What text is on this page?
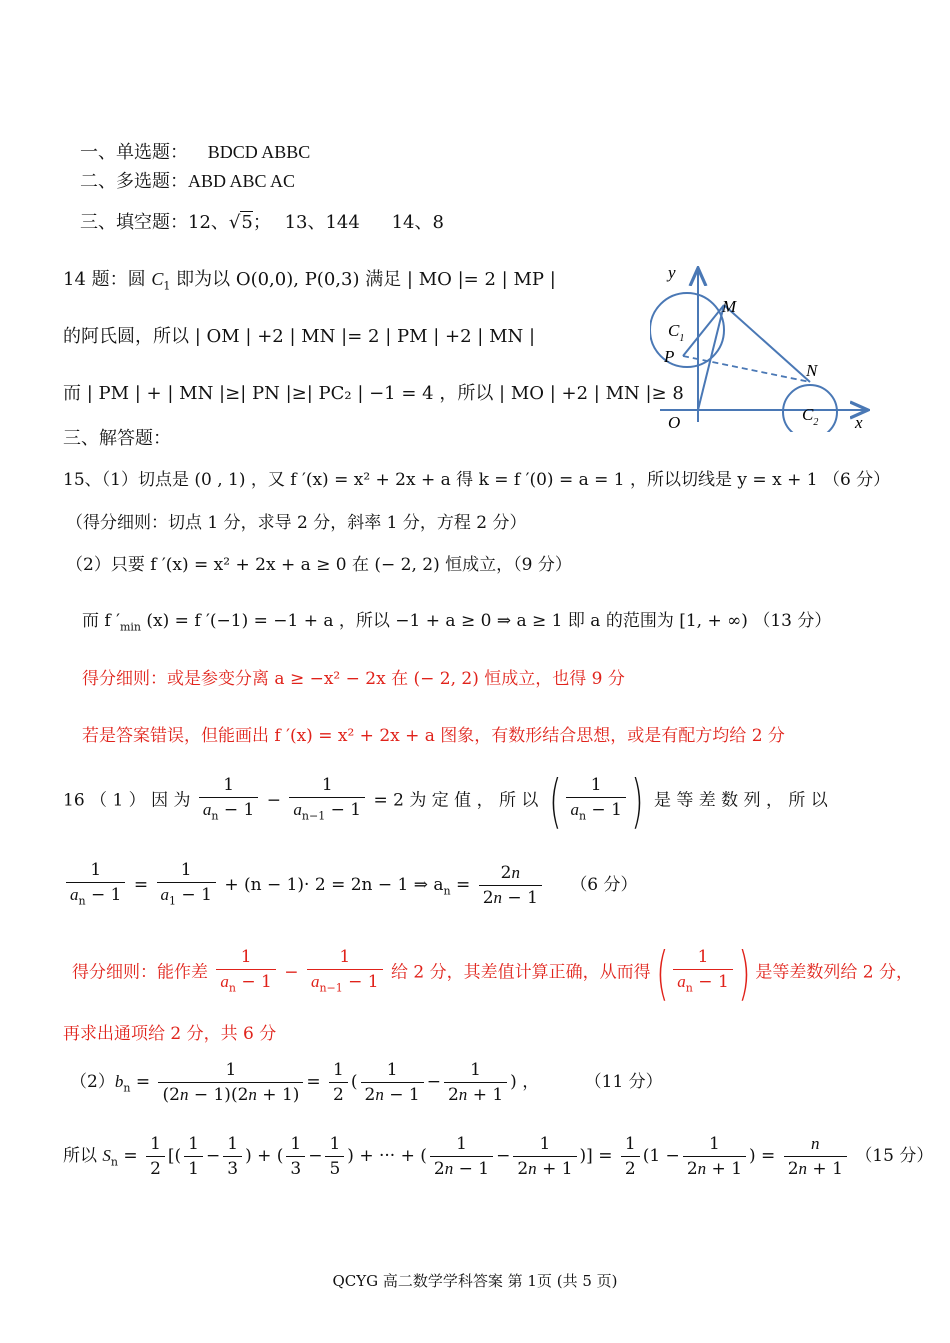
一、单选题： BDCD ABBC
二、多选题：ABD ABC AC
三、填空题：12、√5； 13、144 14、8
14 题：圆 $C_1$ 即为以 O(0,0), P(0,3) 满足 | MO |= 2 | MP |
的阿氏圆，所以 | OM | +2 | MN |= 2 | PM | +2 | MN |
而 | PM | + | MN |≥| PN |≥| PC₂ | −1 = 4 ，所以 | MO | +2 | MN |≥ 8
y
x
O
P
M
N
$C_1$
$C_2$
三、解答题：
15、（1）切点是 (0 , 1) ，又 f ′(x) = x² + 2x + a 得 k = f ′(0) = a = 1 ，所以切线是 y = x + 1 （6 分）
（得分细则：切点 1 分，求导 2 分，斜率 1 分，方程 2 分）
（2）只要 f ′(x) = x² + 2x + a ≥ 0 在 (− 2, 2) 恒成立，（9 分）
而 f $'_{min}$ (x) = f ′(−1) = −1 + a ，所以 −1 + a ≥ 0 ⇒ a ≥ 1 即 a 的范围为 [1, + ∞) （13 分）
得分细则：或是参变分离 a ≥ −x² − 2x 在 (− 2, 2) 恒成立，也得 9 分
若是答案错误，但能画出 f ′(x) = x² + 2x + a 图象，有数形结合思想，或是有配方均给 2 分
16 （ 1 ） 因 为 $\frac{1}{a_n - 1} - \frac{1}{a_{n-1} - 1} = 2$ 为 定 值 ， 所 以 ( $\frac{1}{a_n - 1}$ ) 是 等 差 数 列 ， 所 以
$\frac{1}{a_n - 1} = \frac{1}{a_1 - 1} + (n - 1)\cdot 2 = 2n - 1$ ⇒ $a_n = \frac{2n}{2n - 1} (6$ 分）
得分细则：能作差 $\frac{1}{a_n - 1} - \frac{1}{a_{n-1} - 1}$ 给 2 分，其差值计算正确，从而得( $\frac{1}{a_n - 1}$ ) 是等差数列给 2 分，
再求出通项给 2 分，共 6 分
$(2)b_n = \frac{1}{(2n - 1)(2n + 1)} = \frac{1}{2}$ ( $\frac{1}{2n - 1} - \frac{1}{2n + 1}$ ) ， （11 分）
所以 $S_n = \frac{1}{2}$ [( $\frac{1}{1} - \frac{1}{3}$ ) + ( $\frac{1}{3} - \frac{1}{5}$ ) + ··· + ( $\frac{1}{2n - 1} - \frac{1}{2n + 1}$ )] = $\frac{1}{2} (1 - \frac{1}{2n + 1}$ ) = $\frac{n}{2n + 1} (15$ 分）
QCYG 高二数学学科答案 第 1页 (共 5 页)
